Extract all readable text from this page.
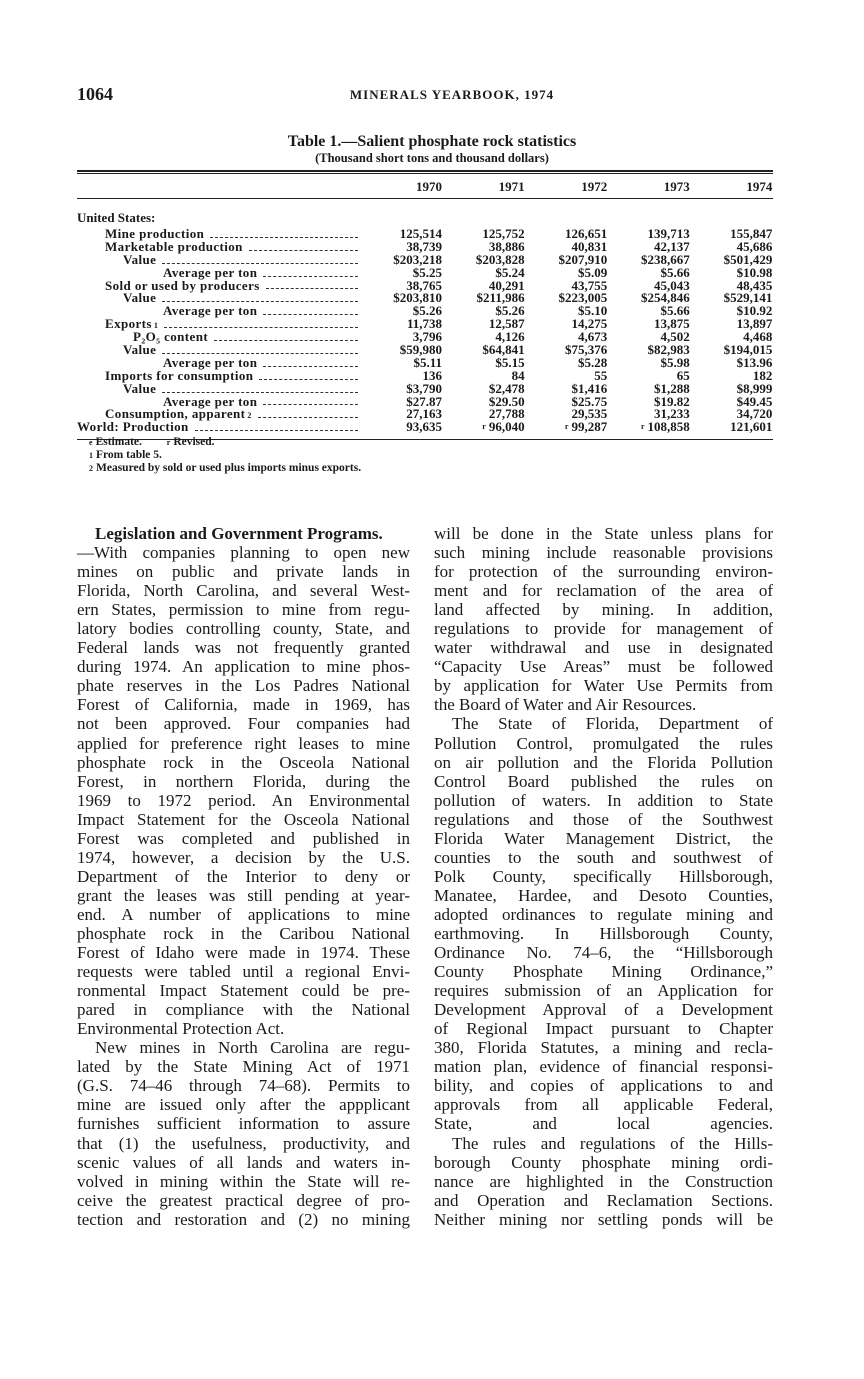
1064	MINERALS YEARBOOK, 1974
Table 1.—Salient phosphate rock statistics
(Thousand short tons and thousand dollars)
1970	1971	1972	1973	1974
United States:
Mine production	125,514	125,752	126,651	139,713	155,847
Marketable production	38,739	38,886	40,831	42,137	45,686
Value	$203,218	$203,828	$207,910	$238,667	$501,429
Average per ton	$5.25	$5.24	$5.09	$5.66	$10.98
Sold or used by producers	38,765	40,291	43,755	45,043	48,435
Value	$203,810	$211,986	$223,005	$254,846	$529,141
Average per ton	$5.26	$5.26	$5.10	$5.66	$10.92
Exports 1	11,738	12,587	14,275	13,875	13,897
P₂O₅ content	3,796	4,126	4,673	4,502	4,468
Value	$59,980	$64,841	$75,376	$82,983	$194,015
Average per ton	$5.11	$5.15	$5.28	$5.98	$13.96
Imports for consumption	136	84	55	65	182
Value	$3,790	$2,478	$1,416	$1,288	$8,999
Average per ton	$27.87	$29.50	$25.75	$19.82	$49.45
Consumption, apparent 2	27,163	27,788	29,535	31,233	34,720
World: Production	93,635	$^r$ 96,040	$^r$ 99,287	$^r$ 108,858	121,601
$^e$ Estimate.	$^r$ Revised.
$^1$ From table 5.
$^2$ Measured by sold or used plus imports minus exports.
Legislation and Government Programs.
—With companies planning to open new
mines on public and private lands in
Florida, North Carolina, and several West-
ern States, permission to mine from regu-
latory bodies controlling county, State, and
Federal lands was not frequently granted
during 1974. An application to mine phos-
phate reserves in the Los Padres National
Forest of California, made in 1969, has
not been approved. Four companies had
applied for preference right leases to mine
phosphate rock in the Osceola National
Forest, in northern Florida, during the
1969 to 1972 period. An Environmental
Impact Statement for the Osceola National
Forest was completed and published in
1974, however, a decision by the U.S.
Department of the Interior to deny or
grant the leases was still pending at year-
end. A number of applications to mine
phosphate rock in the Caribou National
Forest of Idaho were made in 1974. These
requests were tabled until a regional Envi-
ronmental Impact Statement could be pre-
pared in compliance with the National
Environmental Protection Act.
New mines in North Carolina are regu-
lated by the State Mining Act of 1971
(G.S. 74–46 through 74–68). Permits to
mine are issued only after the appplicant
furnishes sufficient information to assure
that (1) the usefulness, productivity, and
scenic values of all lands and waters in-
volved in mining within the State will re-
ceive the greatest practical degree of pro-
tection and restoration and (2) no mining
will be done in the State unless plans for
such mining include reasonable provisions
for protection of the surrounding environ-
ment and for reclamation of the area of
land affected by mining. In addition,
regulations to provide for management of
water withdrawal and use in designated
“Capacity Use Areas” must be followed
by application for Water Use Permits from
the Board of Water and Air Resources.
The State of Florida, Department of
Pollution Control, promulgated the rules
on air pollution and the Florida Pollution
Control Board published the rules on
pollution of waters. In addition to State
regulations and those of the Southwest
Florida Water Management District, the
counties to the south and southwest of
Polk County, specifically Hillsborough,
Manatee, Hardee, and Desoto Counties,
adopted ordinances to regulate mining and
earthmoving. In Hillsborough County,
Ordinance No. 74–6, the “Hillsborough
County Phosphate Mining Ordinance,”
requires submission of an Application for
Development Approval of a Development
of Regional Impact pursuant to Chapter
380, Florida Statutes, a mining and recla-
mation plan, evidence of financial responsi-
bility, and copies of applications to and
approvals from all applicable Federal,
State, and local agencies.
The rules and regulations of the Hills-
borough County phosphate mining ordi-
nance are highlighted in the Construction
and Operation and Reclamation Sections.
Neither mining nor settling ponds will be
